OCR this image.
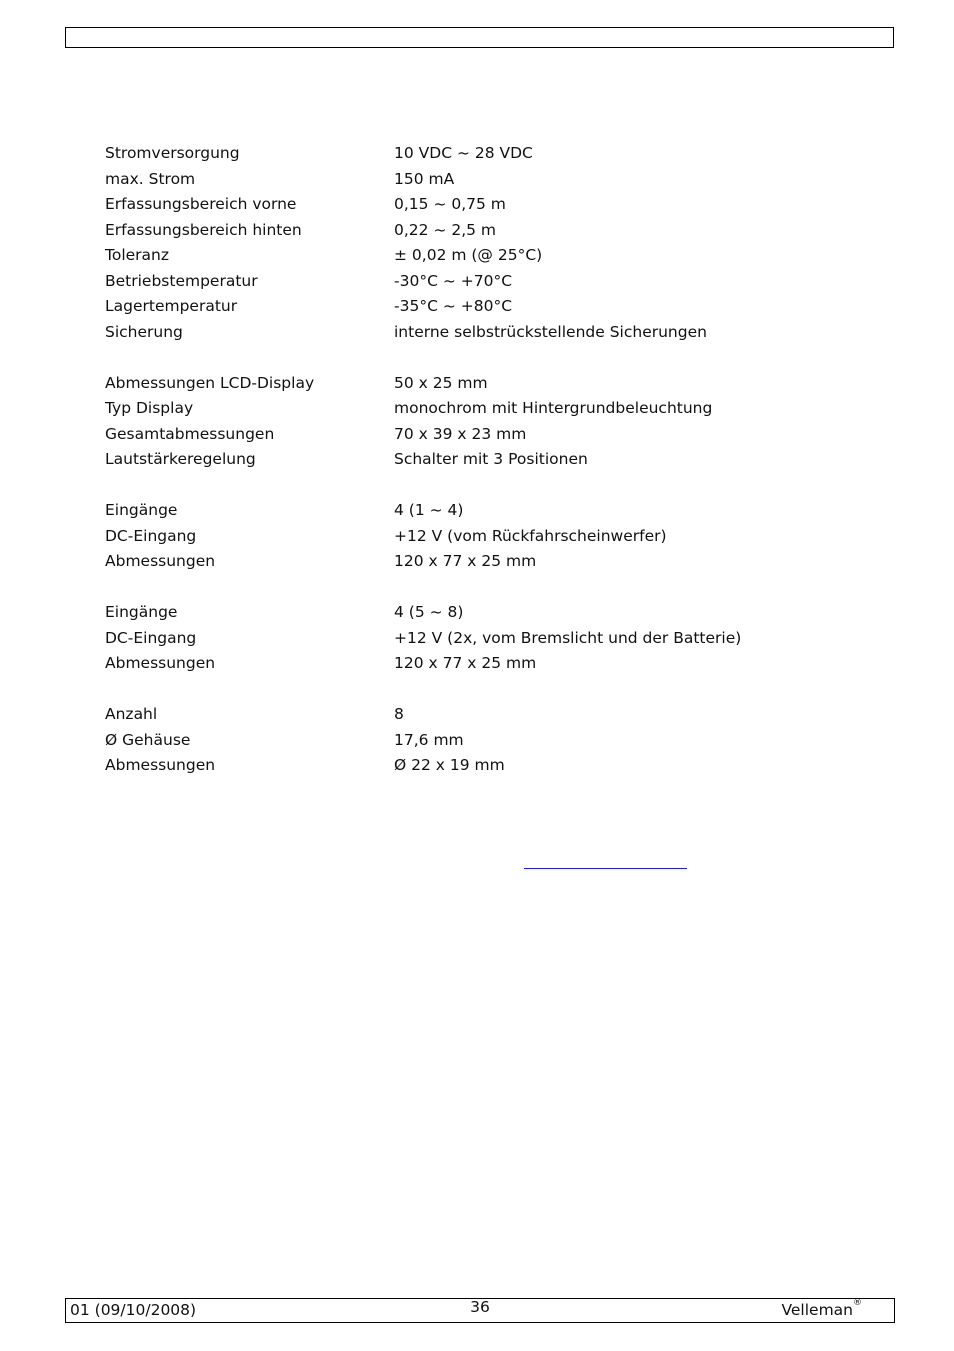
Stromversorgung	10 VDC ~ 28 VDC
max. Strom	150 mA
Erfassungsbereich vorne	0,15 ~ 0,75 m
Erfassungsbereich hinten	0,22 ~ 2,5 m
Toleranz	± 0,02 m (@ 25°C)
Betriebstemperatur	-30°C ~ +70°C
Lagertemperatur	-35°C ~ +80°C
Sicherung	interne selbstrückstellende Sicherungen
Abmessungen LCD-Display	50 x 25 mm
Typ Display	monochrom mit Hintergrundbeleuchtung
Gesamtabmessungen	70 x 39 x 23 mm
Lautstärkeregelung	Schalter mit 3 Positionen
Eingänge	4 (1 ~ 4)
DC-Eingang	+12 V (vom Rückfahrscheinwerfer)
Abmessungen	120 x 77 x 25 mm
Eingänge	4 (5 ~ 8)
DC-Eingang	+12 V (2x, vom Bremslicht und der Batterie)
Abmessungen	120 x 77 x 25 mm
Anzahl	8
Ø Gehäuse	17,6 mm
Abmessungen	Ø 22 x 19 mm
01 (09/10/2008)	36	Velleman®
